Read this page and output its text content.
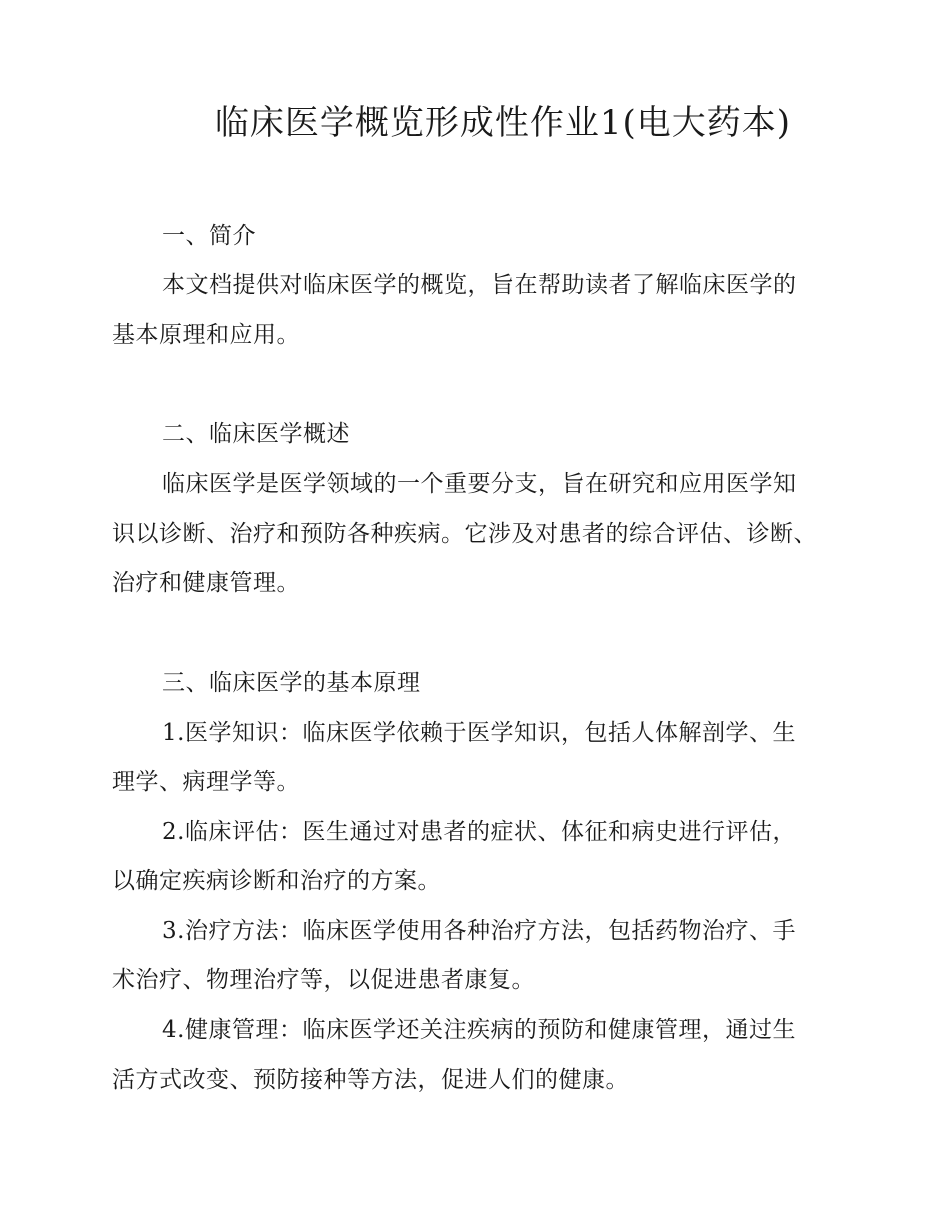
临床医学概览形成性作业1(电大药本)
一、简介
本文档提供对临床医学的概览，旨在帮助读者了解临床医学的
基本原理和应用。
二、临床医学概述
临床医学是医学领域的一个重要分支，旨在研究和应用医学知
识以诊断、治疗和预防各种疾病。它涉及对患者的综合评估、诊断、
治疗和健康管理。
三、临床医学的基本原理
1.医学知识：临床医学依赖于医学知识，包括人体解剖学、生
理学、病理学等。
2.临床评估：医生通过对患者的症状、体征和病史进行评估，
以确定疾病诊断和治疗的方案。
3.治疗方法：临床医学使用各种治疗方法，包括药物治疗、手
术治疗、物理治疗等，以促进患者康复。
4.健康管理：临床医学还关注疾病的预防和健康管理，通过生
活方式改变、预防接种等方法，促进人们的健康。
